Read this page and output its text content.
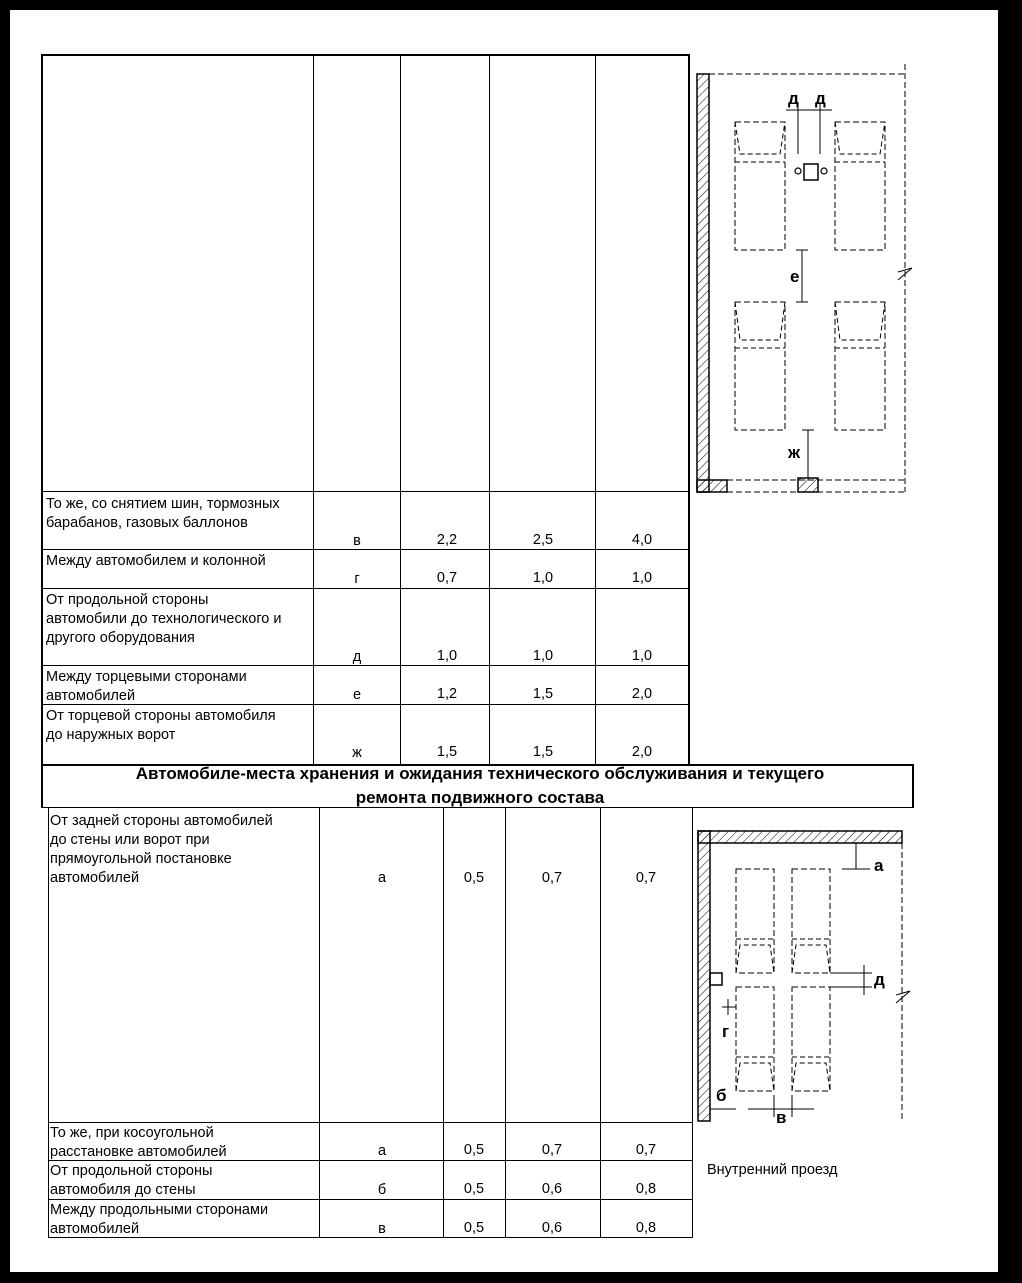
То же, со снятием шин, тормозных
барабанов, газовых баллонов
в	2,2	2,5	4,0
Между автомобилем и колонной
г	0,7	1,0	1,0
От продольной стороны
автомобили до технологического и
другого оборудования
д	1,0	1,0	1,0
Между торцевыми сторонами
автомобилей	е	1,2	1,5	2,0
От торцевой стороны автомобиля
до наружных ворот
ж	1,5	1,5	2,0
Автомобиле-места хранения и ожидания технического обслуживания и текущего
ремонта подвижного состава
От задней стороны автомобилей
до стены или ворот при
прямоугольной постановке
автомобилей	а	0,5	0,7	0,7
То же, при косоугольной
расстановке автомобилей	а	0,5	0,7	0,7
От продольной стороны
автомобиля до стены	б	0,5	0,6	0,8
Между продольными сторонами
автомобилей	в	0,5	0,6	0,8
Внутренний проезд
д д
е
ж
а
д
г
б
в
